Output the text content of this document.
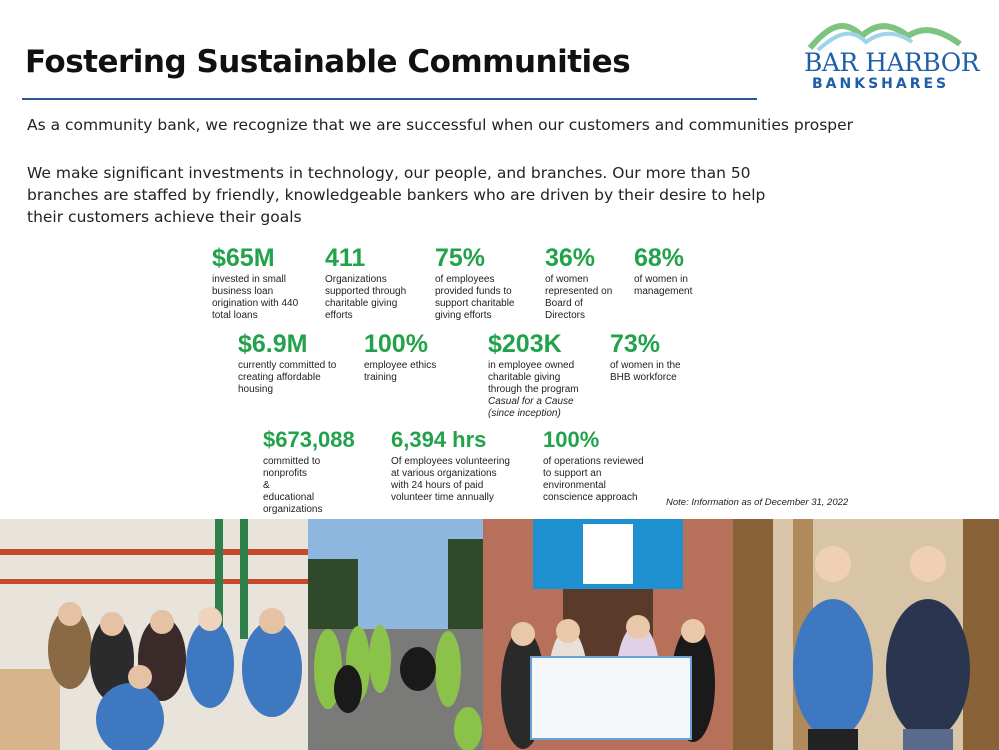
Fostering Sustainable Communities	BAR HARBOR
BANKSHARES
As a community bank, we recognize that we are successful when our customers and communities prosper
We make significant investments in technology, our people, and branches. Our more than 50 branches are staffed by friendly, knowledgeable bankers who are driven by their desire to help their customers achieve their goals
$65M
invested in small business loan origination with 440 total loans
411
Organizations supported through charitable giving efforts
75%
of employees provided funds to support charitable giving efforts
36%
of women represented on Board of Directors
68%
of women in management
$6.9M
currently committed to creating affordable housing
100%
employee ethics training
$203K
in employee owned charitable giving through the program
Casual for a Cause
(since inception)
73%
of women in the BHB workforce
$673,088
committed to nonprofits
&
educational
organizations
6,394 hrs
Of employees volunteering at various organizations with 24 hours of paid volunteer time annually
100%
of operations reviewed to support an environmental conscience approach	Note: Information as of December 31, 2022
